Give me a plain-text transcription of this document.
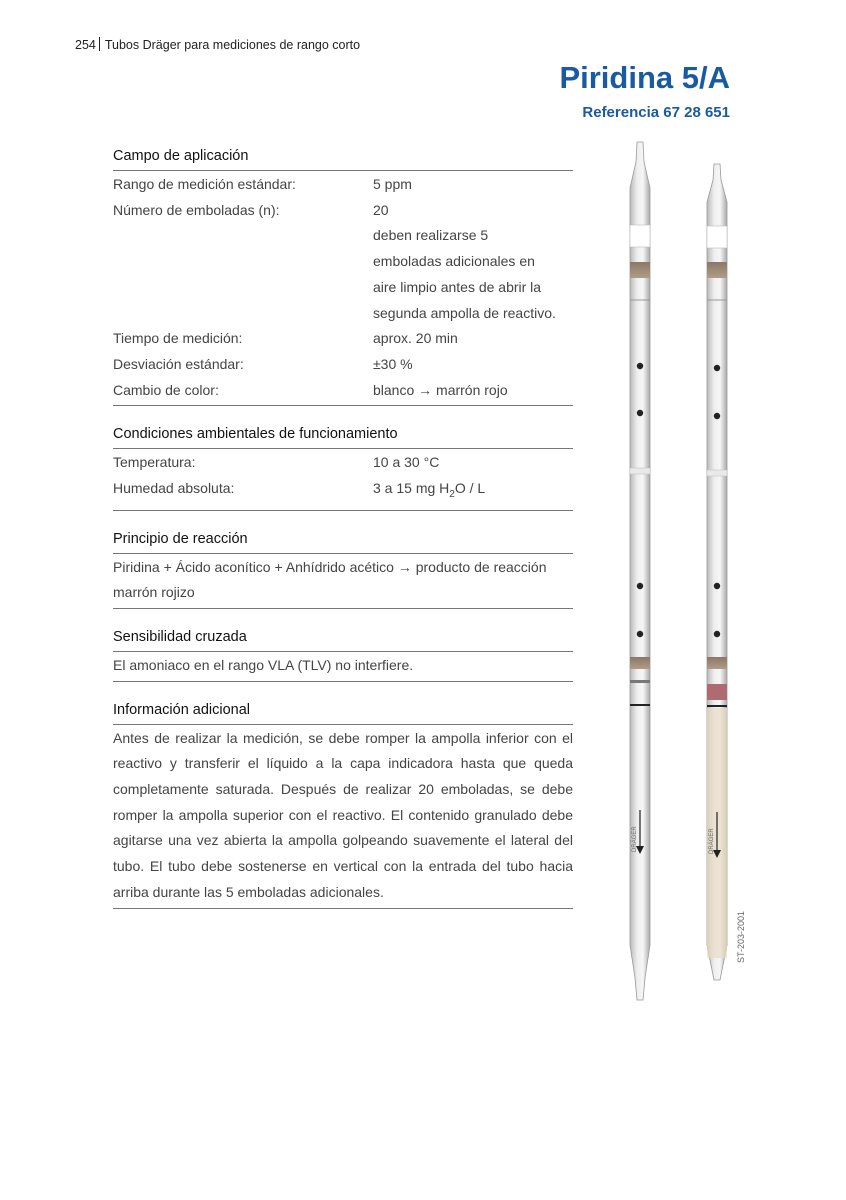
254 Tubos Dräger para mediciones de rango corto
Piridina 5/A
Referencia 67 28 651
Campo de aplicación
Rango de medición estándar:	5 ppm
Número de emboladas (n):	20
deben realizarse 5
emboladas adicionales en
aire limpio antes de abrir la
segunda ampolla de reactivo.
Tiempo de medición:	aprox. 20 min
Desviación estándar:	±30 %
Cambio de color:	blanco → marrón rojo
Condiciones ambientales de funcionamiento
Temperatura:	10 a 30 °C
Humedad absoluta:	3 a 15 mg $H_2O$ / L
Principio de reacción

Piridina + Ácido aconítico + Anhídrido acético → producto de reacción marrón rojizo

Sensibilidad cruzada

El amoniaco en el rango VLA (TLV) no interfiere.

Información adicional

Antes de realizar la medición, se debe romper la ampolla inferior con el reactivo y transferir el líquido a la capa indicadora hasta que queda completamente saturada. Después de realizar 20 emboladas, se debe romper la ampolla superior con el reactivo. El contenido granulado debe agitarse una vez abierta la ampolla golpeando suavemente el lateral del tubo. El tubo debe sostenerse en vertical con la entrada del tubo hacia arriba durante las 5 emboladas adicionales.

DRÄGER	DRÄGER
ST-203-2001
